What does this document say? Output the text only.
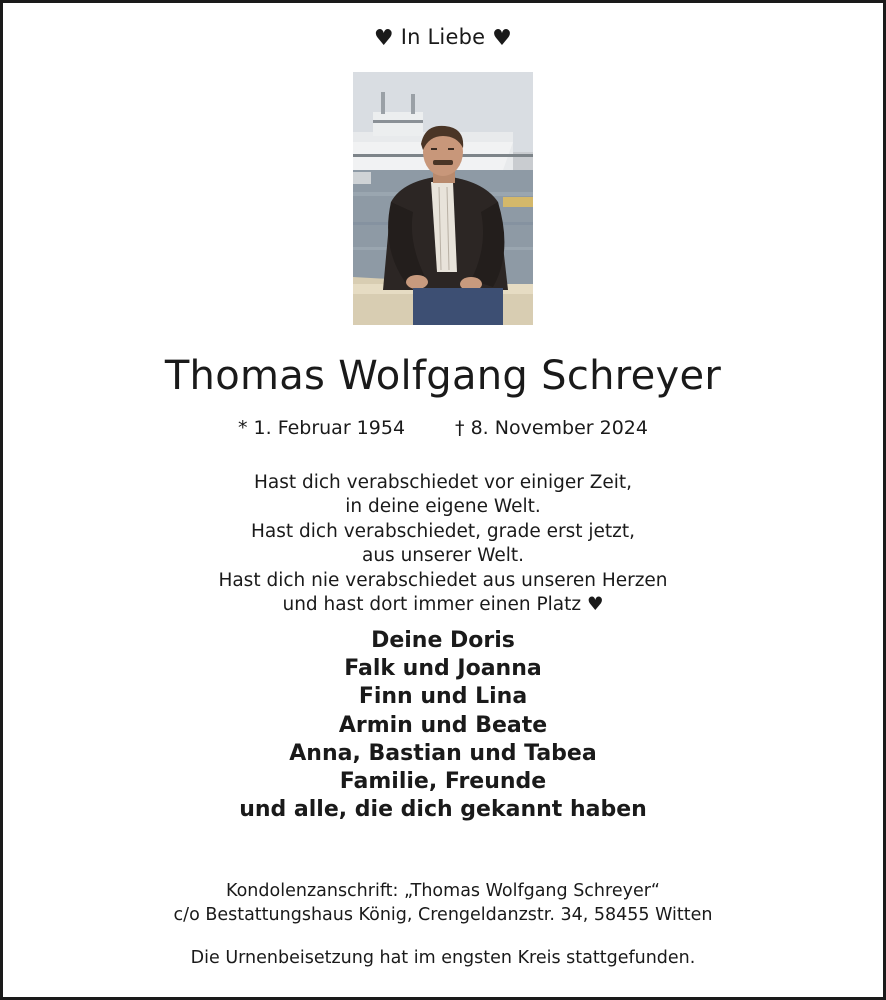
♥ In Liebe ♥
Thomas Wolfgang Schreyer
* 1. Februar 1954	† 8. November 2024
Hast dich verabschiedet vor einiger Zeit,
in deine eigene Welt.
Hast dich verabschiedet, grade erst jetzt,
aus unserer Welt.
Hast dich nie verabschiedet aus unseren Herzen
und hast dort immer einen Platz ♥
Deine Doris
Falk und Joanna
Finn und Lina
Armin und Beate
Anna, Bastian und Tabea
Familie, Freunde
und alle, die dich gekannt haben
Kondolenzanschrift: „Thomas Wolfgang Schreyer“
c/o Bestattungshaus König, Crengeldanzstr. 34, 58455 Witten
Die Urnenbeisetzung hat im engsten Kreis stattgefunden.
